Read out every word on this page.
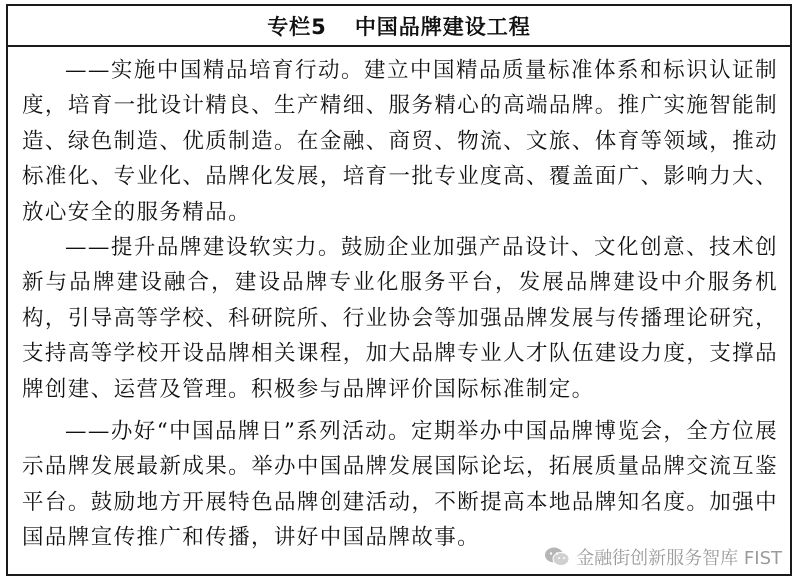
专栏5 中国品牌建设工程

——实施中国精品培育行动。建立中国精品质量标准体系和标识认证制度，培育一批设计精良、生产精细、服务精心的高端品牌。推广实施智能制造、绿色制造、优质制造。在金融、商贸、物流、文旅、体育等领域，推动标准化、专业化、品牌化发展，培育一批专业度高、覆盖面广、影响力大、放心安全的服务精品。

——提升品牌建设软实力。鼓励企业加强产品设计、文化创意、技术创新与品牌建设融合，建设品牌专业化服务平台，发展品牌建设中介服务机构，引导高等学校、科研院所、行业协会等加强品牌发展与传播理论研究，支持高等学校开设品牌相关课程，加大品牌专业人才队伍建设力度，支撑品牌创建、运营及管理。积极参与品牌评价国际标准制定。

——办好“中国品牌日”系列活动。定期举办中国品牌博览会，全方位展示品牌发展最新成果。举办中国品牌发展国际论坛，拓展质量品牌交流互鉴平台。鼓励地方开展特色品牌创建活动，不断提高本地品牌知名度。加强中国品牌宣传推广和传播，讲好中国品牌故事。

金融街创新服务智库 FIST
